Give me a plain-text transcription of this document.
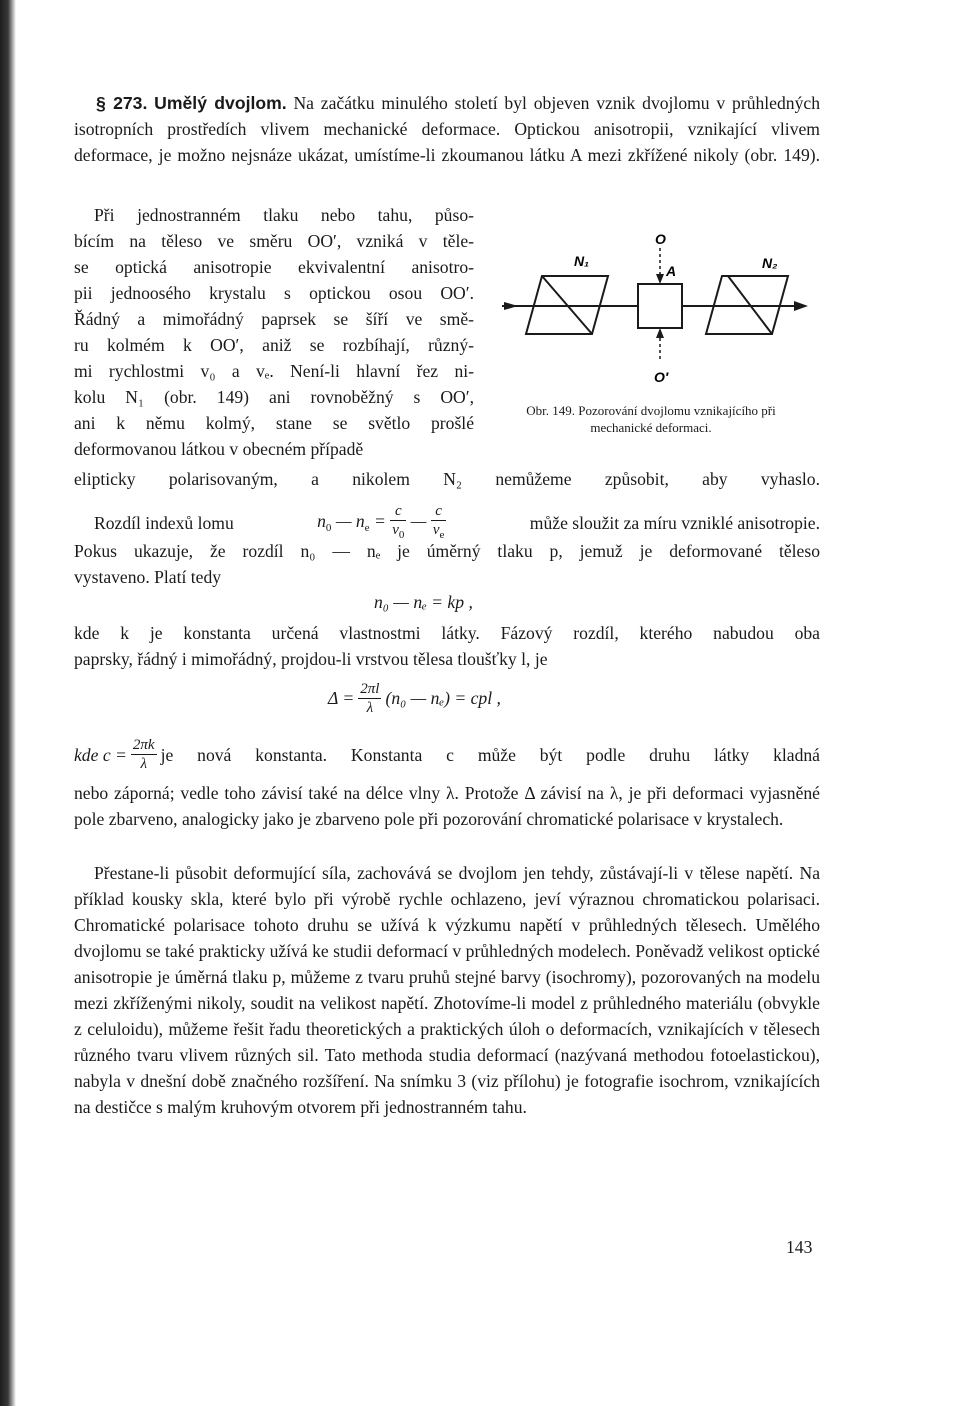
§ 273. Umělý dvojlom. Na začátku minulého století byl objeven vznik dvojlomu v průhledných isotropních prostředích vlivem mechanické deformace. Optickou anisotropii, vznikající vlivem deformace, je možno nejsnáze ukázat, umístíme-li zkoumanou látku A mezi zkřížené nikoly (obr. 149).

Při jednostranném tlaku nebo tahu, půso-

bícím na těleso ve směru OO′, vzniká v těle-

se optická anisotropie ekvivalentní anisotro-

pii jednoosého krystalu s optickou osou OO′.

Řádný a mimořádný paprsek se šíří ve smě-

ru kolmém k OO′, aniž se rozbíhají, různý-

mi rychlostmi v₀ a vₑ. Není-li hlavní řez ni-

kolu N₁ (obr. 149) ani rovnoběžný s OO′,

ani k němu kolmý, stane se světlo prošlé

deformovanou látkou v obecném případě

elipticky polarisovaným, a nikolem N₂ nemůžeme způsobit, aby vyhaslo.

O
N₁
A	N₂
O′

Obr. 149. Pozorování dvojlomu vznikajícího při mechanické deformaci.

Rozdíl indexů lomu	$n_0$ — $n_e = \frac{c}{v_0}$ — $\frac{c}{v_e}$	může sloužit za míru vzniklé anisotropie.

Pokus ukazuje, že rozdíl n₀ — nₑ je úměrný tlaku p, jemuž je deformované těleso

vystaveno. Platí tedy

n₀ — nₑ = kp ,

kde k je konstanta určená vlastnostmi látky. Fázový rozdíl, kterého nabudou oba

paprsky, řádný i mimořádný, projdou-li vrstvou tělesa tloušťky l, je

$\Delta = \frac{2\pi l}{\lambda} (n_0$ — nₑ) = cpl ,
kde $c = \frac{2\pi k}{\lambda}$ je nová konstanta. Konstanta c může být podle druhu látky kladná

nebo záporná; vedle toho závisí také na délce vlny λ. Protože Δ závisí na λ, je při deformaci vyjasněné pole zbarveno, analogicky jako je zbarveno pole při pozorování chromatické polarisace v krystalech.

Přestane-li působit deformující síla, zachovává se dvojlom jen tehdy, zůstávají-li v tělese napětí. Na příklad kousky skla, které bylo při výrobě rychle ochlazeno, jeví výraznou chromatickou polarisaci. Chromatické polarisace tohoto druhu se užívá k výzkumu napětí v průhledných tělesech. Umělého dvojlomu se také prakticky užívá ke studii deformací v průhledných modelech. Poněvadž velikost optické anisotropie je úměrná tlaku p, můžeme z tvaru pruhů stejné barvy (isochromy), pozorovaných na modelu mezi zkříženými nikoly, soudit na velikost napětí. Zhotovíme-li model z průhledného materiálu (obvykle z celuloidu), můžeme řešit řadu theoretických a praktických úloh o deformacích, vznikajících v tělesech různého tvaru vlivem různých sil. Tato methoda studia deformací (nazývaná methodou fotoelastickou), nabyla v dnešní době značného rozšíření. Na snímku 3 (viz přílohu) je fotografie isochrom, vznikajících na destičce s malým kruhovým otvorem při jednostranném tahu.

143
